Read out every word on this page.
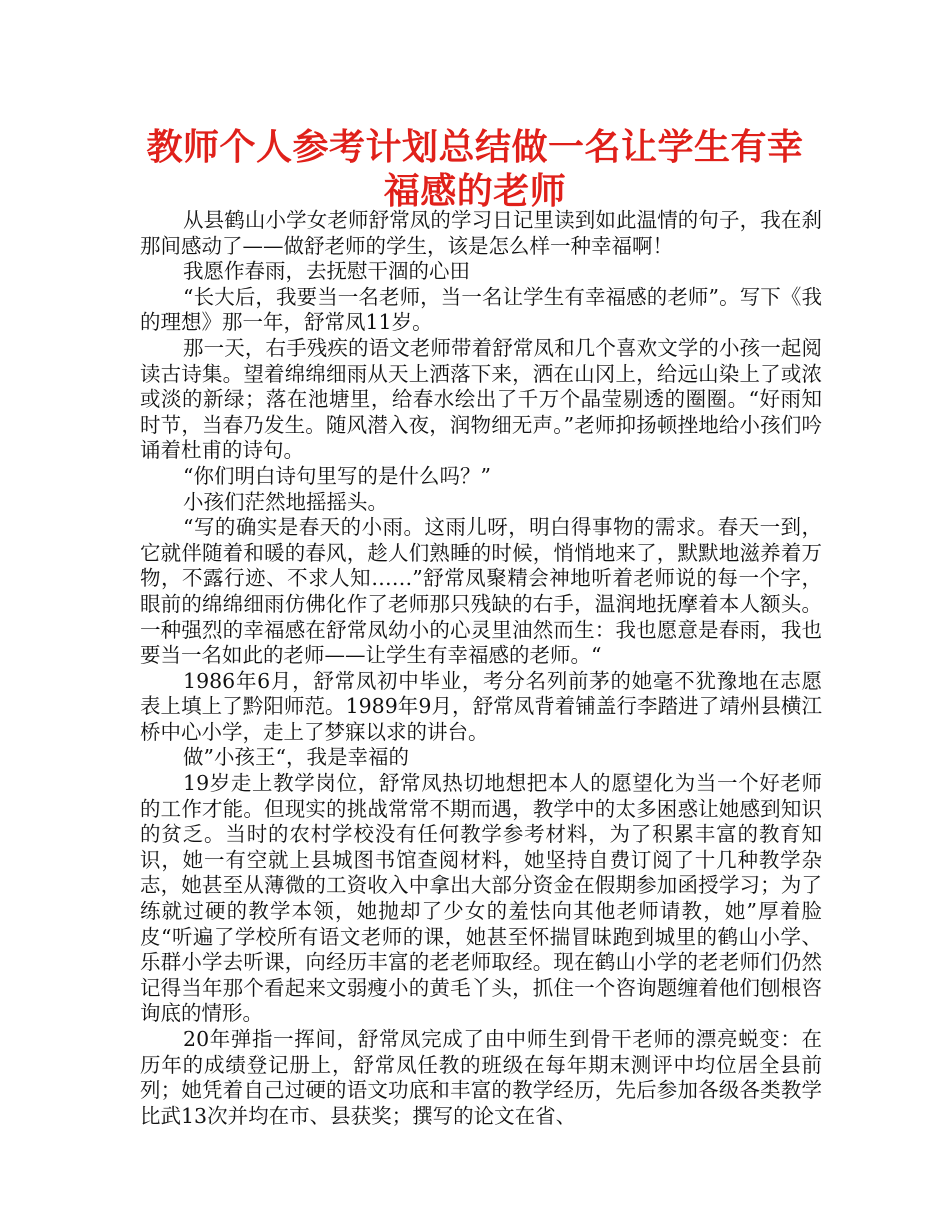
教师个人参考计划总结做一名让学生有幸福感的老师

从县鹤山小学女老师舒常凤的学习日记里读到如此温情的句子，我在刹那间感动了——做舒老师的学生，该是怎么样一种幸福啊！

我愿作春雨，去抚慰干涸的心田

“长大后，我要当一名老师，当一名让学生有幸福感的老师”。写下《我的理想》那一年，舒常凤11岁。

那一天，右手残疾的语文老师带着舒常凤和几个喜欢文学的小孩一起阅读古诗集。望着绵绵细雨从天上洒落下来，洒在山冈上，给远山染上了或浓或淡的新绿；落在池塘里，给春水绘出了千万个晶莹剔透的圈圈。“好雨知时节，当春乃发生。随风潜入夜，润物细无声。”老师抑扬顿挫地给小孩们吟诵着杜甫的诗句。

“你们明白诗句里写的是什么吗？”

小孩们茫然地摇摇头。

“写的确实是春天的小雨。这雨儿呀，明白得事物的需求。春天一到，它就伴随着和暖的春风，趁人们熟睡的时候，悄悄地来了，默默地滋养着万物，不露行迹、不求人知……”舒常凤聚精会神地听着老师说的每一个字，眼前的绵绵细雨仿佛化作了老师那只残缺的右手，温润地抚摩着本人额头。一种强烈的幸福感在舒常凤幼小的心灵里油然而生：我也愿意是春雨，我也要当一名如此的老师——让学生有幸福感的老师。“

1986年6月，舒常凤初中毕业，考分名列前茅的她毫不犹豫地在志愿表上填上了黔阳师范。1989年9月，舒常凤背着铺盖行李踏进了靖州县横江桥中心小学，走上了梦寐以求的讲台。

做”小孩王“，我是幸福的

19岁走上教学岗位，舒常凤热切地想把本人的愿望化为当一个好老师的工作才能。但现实的挑战常常不期而遇，教学中的太多困惑让她感到知识的贫乏。当时的农村学校没有任何教学参考材料，为了积累丰富的教育知识，她一有空就上县城图书馆查阅材料，她坚持自费订阅了十几种教学杂志，她甚至从薄微的工资收入中拿出大部分资金在假期参加函授学习；为了练就过硬的教学本领，她抛却了少女的羞怯向其他老师请教，她”厚着脸皮“听遍了学校所有语文老师的课，她甚至怀揣冒昧跑到城里的鹤山小学、乐群小学去听课，向经历丰富的老老师取经。现在鹤山小学的老老师们仍然记得当年那个看起来文弱瘦小的黄毛丫头，抓住一个咨询题缠着他们刨根咨询底的情形。

20年弹指一挥间，舒常凤完成了由中师生到骨干老师的漂亮蜕变：在历年的成绩登记册上，舒常凤任教的班级在每年期末测评中均位居全县前列；她凭着自己过硬的语文功底和丰富的教学经历，先后参加各级各类教学比武13次并均在市、县获奖；撰写的论文在省、
